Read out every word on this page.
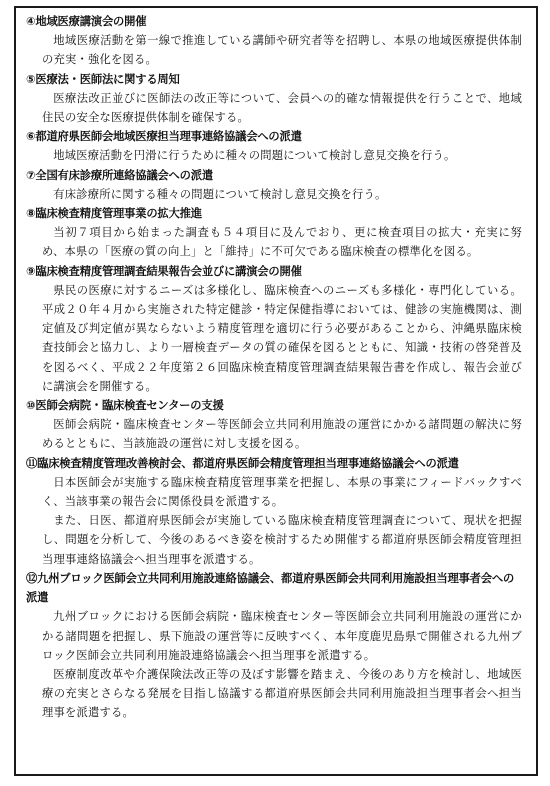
④地域医療講演会の開催

地域医療活動を第一線で推進している講師や研究者等を招聘し、本県の地域医療提供体制の充実・強化を図る。

⑤医療法・医師法に関する周知

医療法改正並びに医師法の改正等について、会員への的確な情報提供を行うことで、地域住民の安全な医療提供体制を確保する。

⑥都道府県医師会地域医療担当理事連絡協議会への派遣

地域医療活動を円滑に行うために種々の問題について検討し意見交換を行う。

⑦全国有床診療所連絡協議会への派遣

有床診療所に関する種々の問題について検討し意見交換を行う。

⑧臨床検査精度管理事業の拡大推進

当初７項目から始まった調査も５４項目に及んでおり、更に検査項目の拡大・充実に努め、本県の「医療の質の向上」と「維持」に不可欠である臨床検査の標準化を図る。

⑨臨床検査精度管理調査結果報告会並びに講演会の開催

県民の医療に対するニーズは多様化し、臨床検査へのニーズも多様化・専門化している。平成２０年４月から実施された特定健診・特定保健指導においては、健診の実施機関は、測定値及び判定値が異ならないよう精度管理を適切に行う必要があることから、沖縄県臨床検査技師会と協力し、より一層検査データの質の確保を図るとともに、知識・技術の啓発普及を図るべく、平成２２年度第２６回臨床検査精度管理調査結果報告書を作成し、報告会並びに講演会を開催する。

⑩医師会病院・臨床検査センターの支援

医師会病院・臨床検査センター等医師会立共同利用施設の運営にかかる諸問題の解決に努めるとともに、当該施設の運営に対し支援を図る。

⑪臨床検査精度管理改善検討会、都道府県医師会精度管理担当理事連絡協議会への派遣

日本医師会が実施する臨床検査精度管理事業を把握し、本県の事業にフィードバックすべく、当該事業の報告会に関係役員を派遣する。

また、日医、都道府県医師会が実施している臨床検査精度管理調査について、現状を把握し、問題を分析して、今後のあるべき姿を検討するため開催する都道府県医師会精度管理担当理事連絡協議会へ担当理事を派遣する。

⑫九州ブロック医師会立共同利用施設連絡協議会、都道府県医師会共同利用施設担当理事者会への派遣

九州ブロックにおける医師会病院・臨床検査センター等医師会立共同利用施設の運営にかかる諸問題を把握し、県下施設の運営等に反映すべく、本年度鹿児島県で開催される九州ブロック医師会立共同利用施設連絡協議会へ担当理事を派遣する。

医療制度改革や介護保険法改正等の及ぼす影響を踏まえ、今後のあり方を検討し、地域医療の充実とさらなる発展を目指し協議する都道府県医師会共同利用施設担当理事者会へ担当理事を派遣する。
